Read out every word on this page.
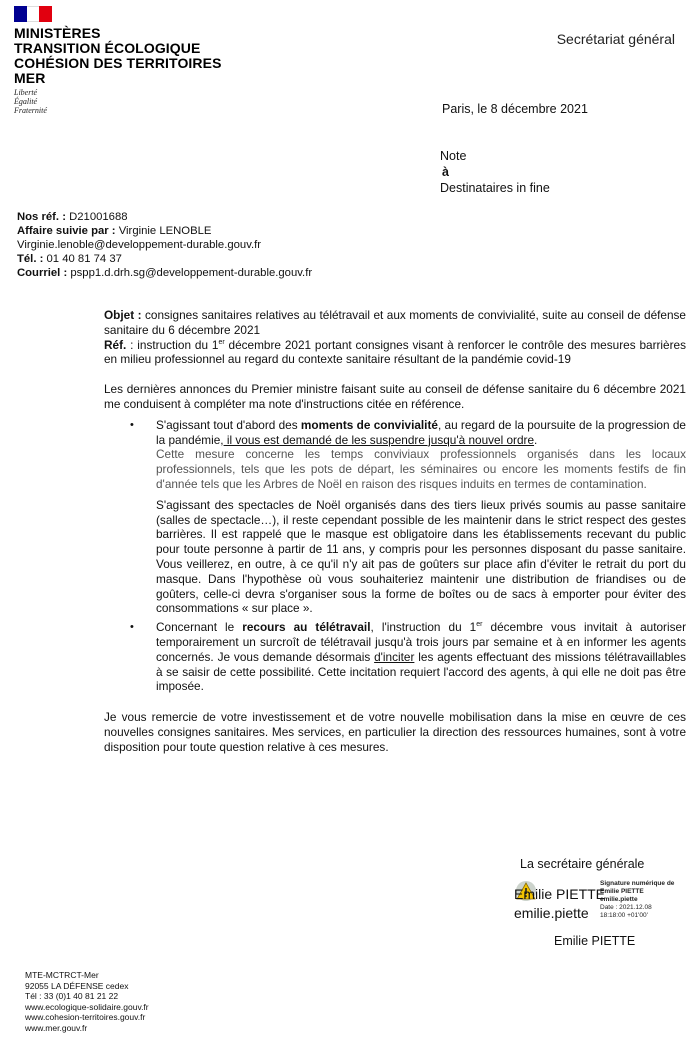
MINISTÈRES
TRANSITION ÉCOLOGIQUE
COHÉSION DES TERRITOIRES
MER
Liberté
Égalité
Fraternité
Secrétariat général
Paris, le 8 décembre 2021
Note
à
Destinataires in fine
Nos réf. : D21001688
Affaire suivie par : Virginie LENOBLE
Virginie.lenoble@developpement-durable.gouv.fr
Tél. : 01 40 81 74 37
Courriel : pspp1.d.drh.sg@developpement-durable.gouv.fr

Objet : consignes sanitaires relatives au télétravail et aux moments de convivialité, suite au conseil de défense sanitaire du 6 décembre 2021

Réf. : instruction du 1er décembre 2021 portant consignes visant à renforcer le contrôle des mesures barrières en milieu professionnel au regard du contexte sanitaire résultant de la pandémie covid-19

Les dernières annonces du Premier ministre faisant suite au conseil de défense sanitaire du 6 décembre 2021 me conduisent à compléter ma note d'instructions citée en référence.

• S'agissant tout d'abord des moments de convivialité, au regard de la poursuite de la progression de la pandémie, il vous est demandé de les suspendre jusqu'à nouvel ordre.

Cette mesure concerne les temps conviviaux professionnels organisés dans les locaux professionnels, tels que les pots de départ, les séminaires ou encore les moments festifs de fin d'année tels que les Arbres de Noël en raison des risques induits en termes de contamination.

S'agissant des spectacles de Noël organisés dans des tiers lieux privés soumis au passe sanitaire (salles de spectacle…), il reste cependant possible de les maintenir dans le strict respect des gestes barrières. Il est rappelé que le masque est obligatoire dans les établissements recevant du public pour toute personne à partir de 11 ans, y compris pour les personnes disposant du passe sanitaire. Vous veillerez, en outre, à ce qu'il n'y ait pas de goûters sur place afin d'éviter le retrait du port du masque. Dans l'hypothèse où vous souhaiteriez maintenir une distribution de friandises ou de goûters, celle-ci devra s'organiser sous la forme de boîtes ou de sacs à emporter pour éviter des consommations « sur place ».

• Concernant le recours au télétravail, l'instruction du 1er décembre vous invitait à autoriser temporairement un surcroît de télétravail jusqu'à trois jours par semaine et à en informer les agents concernés. Je vous demande désormais d'inciter les agents effectuant des missions télétravaillables à se saisir de cette possibilité. Cette incitation requiert l'accord des agents, à qui elle ne doit pas être imposée.

Je vous remercie de votre investissement et de votre nouvelle mobilisation dans la mise en œuvre de ces nouvelles consignes sanitaires. Mes services, en particulier la direction des ressources humaines, sont à votre disposition pour toute question relative à ces mesures.

La secrétaire générale
Emilie PIETTE
emilie.piette
Signature numérique de
Emilie PIETTE
emilie.piette
Date : 2021.12.08
18:18:00 +01'00'
Emilie PIETTE
MTE-MCTRCT-Mer
92055 LA DÉFENSE cedex
Tél : 33 (0)1 40 81 21 22
www.ecologique-solidaire.gouv.fr
www.cohesion-territoires.gouv.fr
www.mer.gouv.fr
